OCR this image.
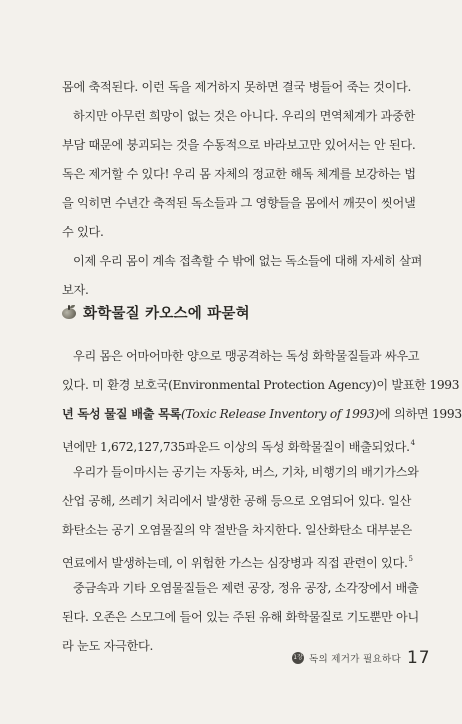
몸에 축적된다. 이런 독을 제거하지 못하면 결국 병들어 죽는 것이다.
하지만 아무런 희망이 없는 것은 아니다. 우리의 면역체계가 과중한
부담 때문에 붕괴되는 것을 수동적으로 바라보고만 있어서는 안 된다.
독은 제거할 수 있다! 우리 몸 자체의 정교한 해독 체계를 보강하는 법
을 익히면 수년간 축적된 독소들과 그 영향들을 몸에서 깨끗이 씻어낼
수 있다.
이제 우리 몸이 계속 접촉할 수 밖에 없는 독소들에 대해 자세히 살펴
보자.
화학물질 카오스에 파묻혀
우리 몸은 어마어마한 양으로 맹공격하는 독성 화학물질들과 싸우고
있다. 미 환경 보호국(Environmental Protection Agency)이 발표한 1993
년 독성 물질 배출 목록(Toxic Release Inventory of 1993)에 의하면 1993
년에만 1,672,127,735파운드 이상의 독성 화학물질이 배출되었다.$^4$
우리가 들이마시는 공기는 자동차, 버스, 기차, 비행기의 배기가스와
산업 공해, 쓰레기 처리에서 발생한 공해 등으로 오염되어 있다. 일산
화탄소는 공기 오염물질의 약 절반을 차지한다. 일산화탄소 대부분은
연료에서 발생하는데, 이 위험한 가스는 심장병과 직접 관련이 있다.$^5$
중금속과 기타 오염물질들은 제련 공장, 정유 공장, 소각장에서 배출
된다. 오존은 스모그에 들어 있는 주된 유해 화학물질로 기도뿐만 아니
라 눈도 자극한다.
1장 독의 제거가 필요하다 17
